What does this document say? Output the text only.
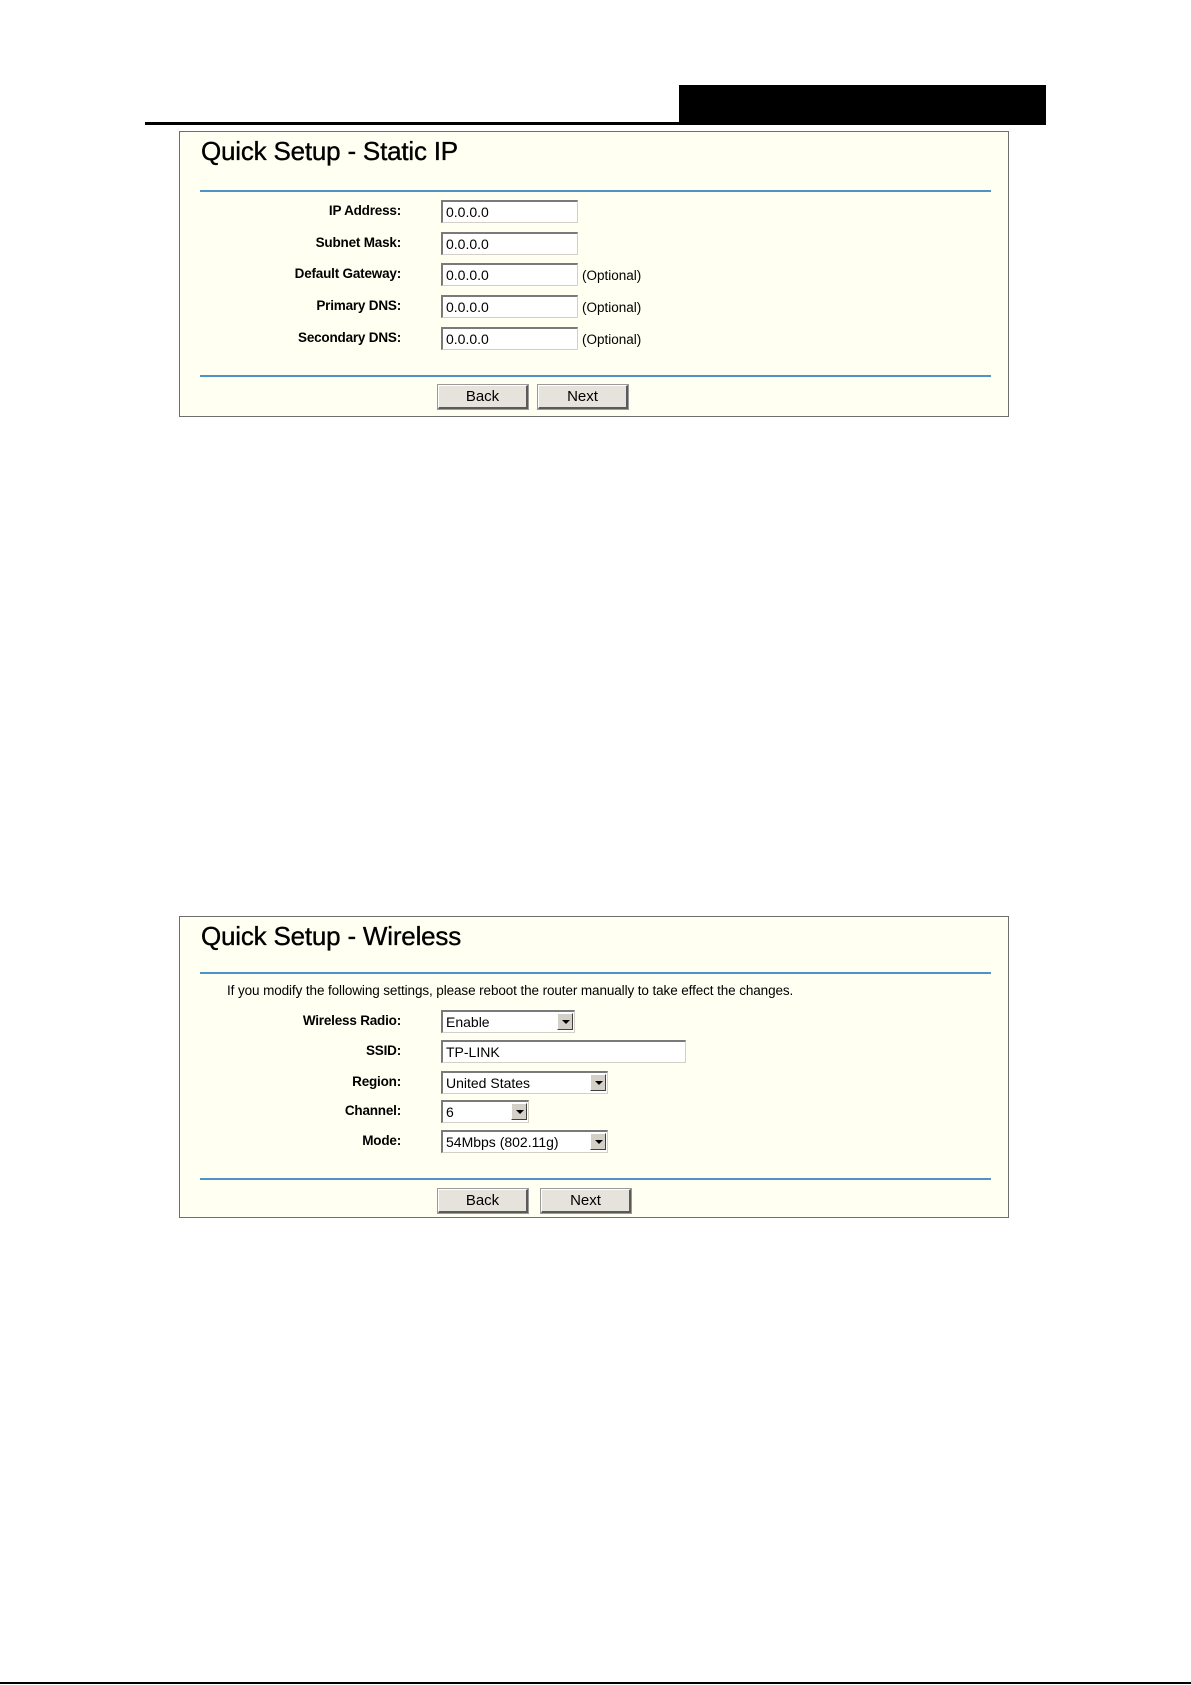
Quick Setup - Static IP
IP Address:	0.0.0.0
Subnet Mask:	0.0.0.0
Default Gateway:	0.0.0.0	(Optional)
Primary DNS:	0.0.0.0	(Optional)
Secondary DNS:	0.0.0.0	(Optional)
Back	Next
Quick Setup - Wireless
If you modify the following settings, please reboot the router manually to take effect the changes.
Wireless Radio:	Enable
SSID:	TP-LINK
Region:	United States
Channel:	6
Mode:	54Mbps (802.11g)
Back	Next
